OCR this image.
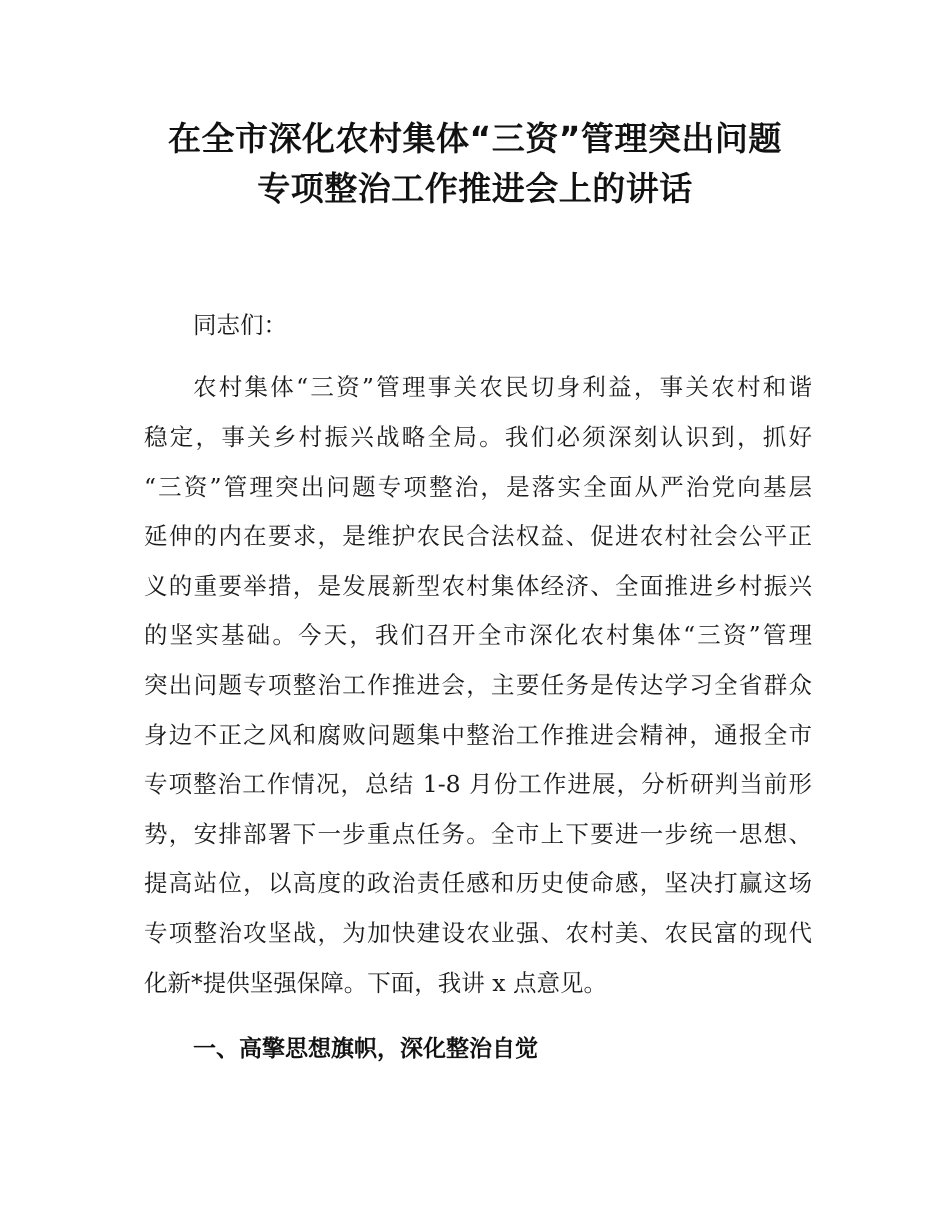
在全市深化农村集体“三资”管理突出问题
专项整治工作推进会上的讲话
同志们：
农村集体“三资”管理事关农民切身利益，事关农村和谐
稳定，事关乡村振兴战略全局。我们必须深刻认识到，抓好
“三资”管理突出问题专项整治，是落实全面从严治党向基层
延伸的内在要求，是维护农民合法权益、促进农村社会公平正
义的重要举措，是发展新型农村集体经济、全面推进乡村振兴
的坚实基础。今天，我们召开全市深化农村集体“三资”管理
突出问题专项整治工作推进会，主要任务是传达学习全省群众
身边不正之风和腐败问题集中整治工作推进会精神，通报全市
专项整治工作情况，总结 1-8 月份工作进展，分析研判当前形
势，安排部署下一步重点任务。全市上下要进一步统一思想、
提高站位，以高度的政治责任感和历史使命感，坚决打赢这场
专项整治攻坚战，为加快建设农业强、农村美、农民富的现代
化新*提供坚强保障。下面，我讲 x 点意见。
一、高擎思想旗帜，深化整治自觉
